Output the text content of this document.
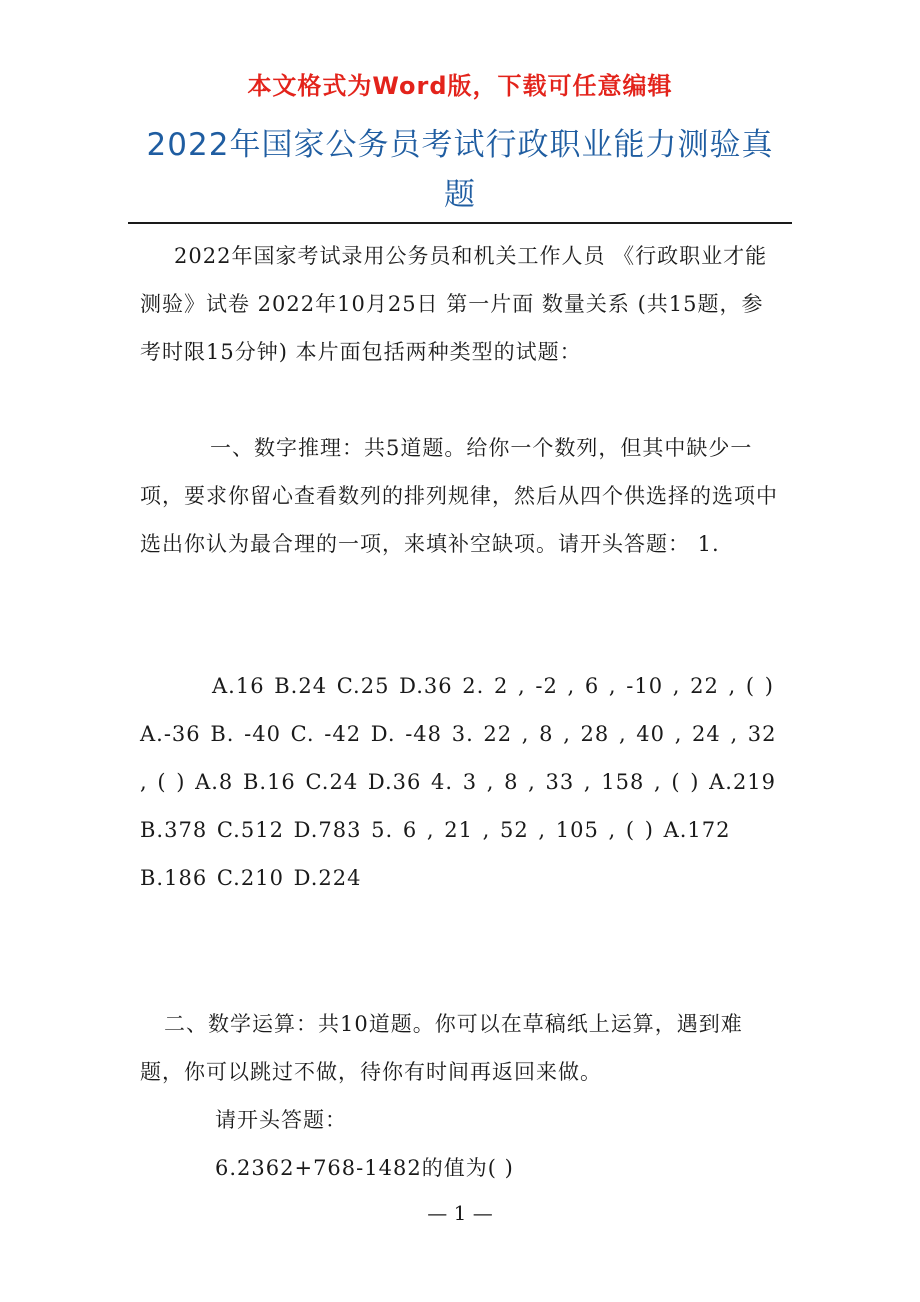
本文格式为Word版，下载可任意编辑
2022年国家公务员考试行政职业能力测验真题

2022年国家考试录用公务员和机关工作人员 《行政职业才能测验》试卷 2022年10月25日 第一片面 数量关系 (共15题，参考时限15分钟) 本片面包括两种类型的试题：

一、数字推理：共5道题。给你一个数列，但其中缺少一项，要求你留心查看数列的排列规律，然后从四个供选择的选项中选出你认为最合理的一项，来填补空缺项。请开头答题： 1.

A.16 B.24 C.25 D.36 2. 2 , -2 , 6 , -10 , 22 , ( ) A.-36 B. -40 C. -42 D. -48 3. 22 , 8 , 28 , 40 , 24 , 32 , ( ) A.8 B.16 C.24 D.36 4. 3 , 8 , 33 , 158 , ( ) A.219 B.378 C.512 D.783 5. 6 , 21 , 52 , 105 , ( ) A.172 B.186 C.210 D.224

二、数学运算：共10道题。你可以在草稿纸上运算，遇到难题，你可以跳过不做，待你有时间再返回来做。

请开头答题：

6.2362+768-1482的值为( )

— 1 —
